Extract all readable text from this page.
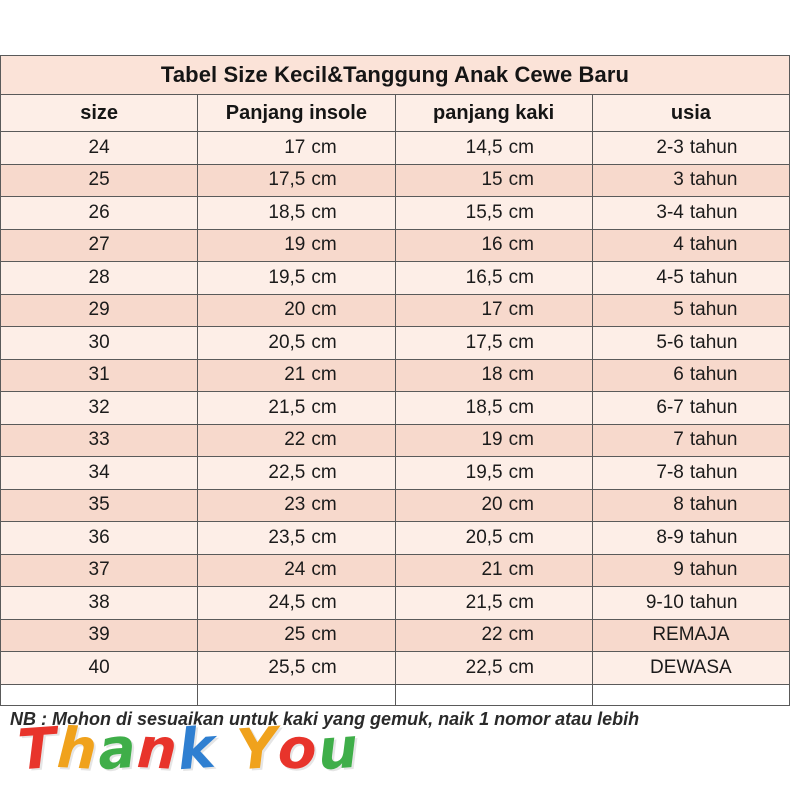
Tabel Size Kecil&Tanggung Anak Cewe Baru			
size	Panjang insole	panjang kaki	usia
24	17 cm	14,5 cm	2-3 tahun
25	17,5 cm	15 cm	3 tahun
26	18,5 cm	15,5 cm	3-4 tahun
27	19 cm	16 cm	4 tahun
28	19,5 cm	16,5 cm	4-5 tahun
29	20 cm	17 cm	5 tahun
30	20,5 cm	17,5 cm	5-6 tahun
31	21 cm	18 cm	6 tahun
32	21,5 cm	18,5 cm	6-7 tahun
33	22 cm	19 cm	7 tahun
34	22,5 cm	19,5 cm	7-8 tahun
35	23 cm	20 cm	8 tahun
36	23,5 cm	20,5 cm	8-9 tahun
37	24 cm	21 cm	9 tahun
38	24,5 cm	21,5 cm	9-10 tahun
39	25 cm	22 cm	REMAJA
40	25,5 cm	22,5 cm	DEWASA

NB : Mohon di sesuaikan untuk kaki yang gemuk, naik 1 nomor atau lebih
Thank You
